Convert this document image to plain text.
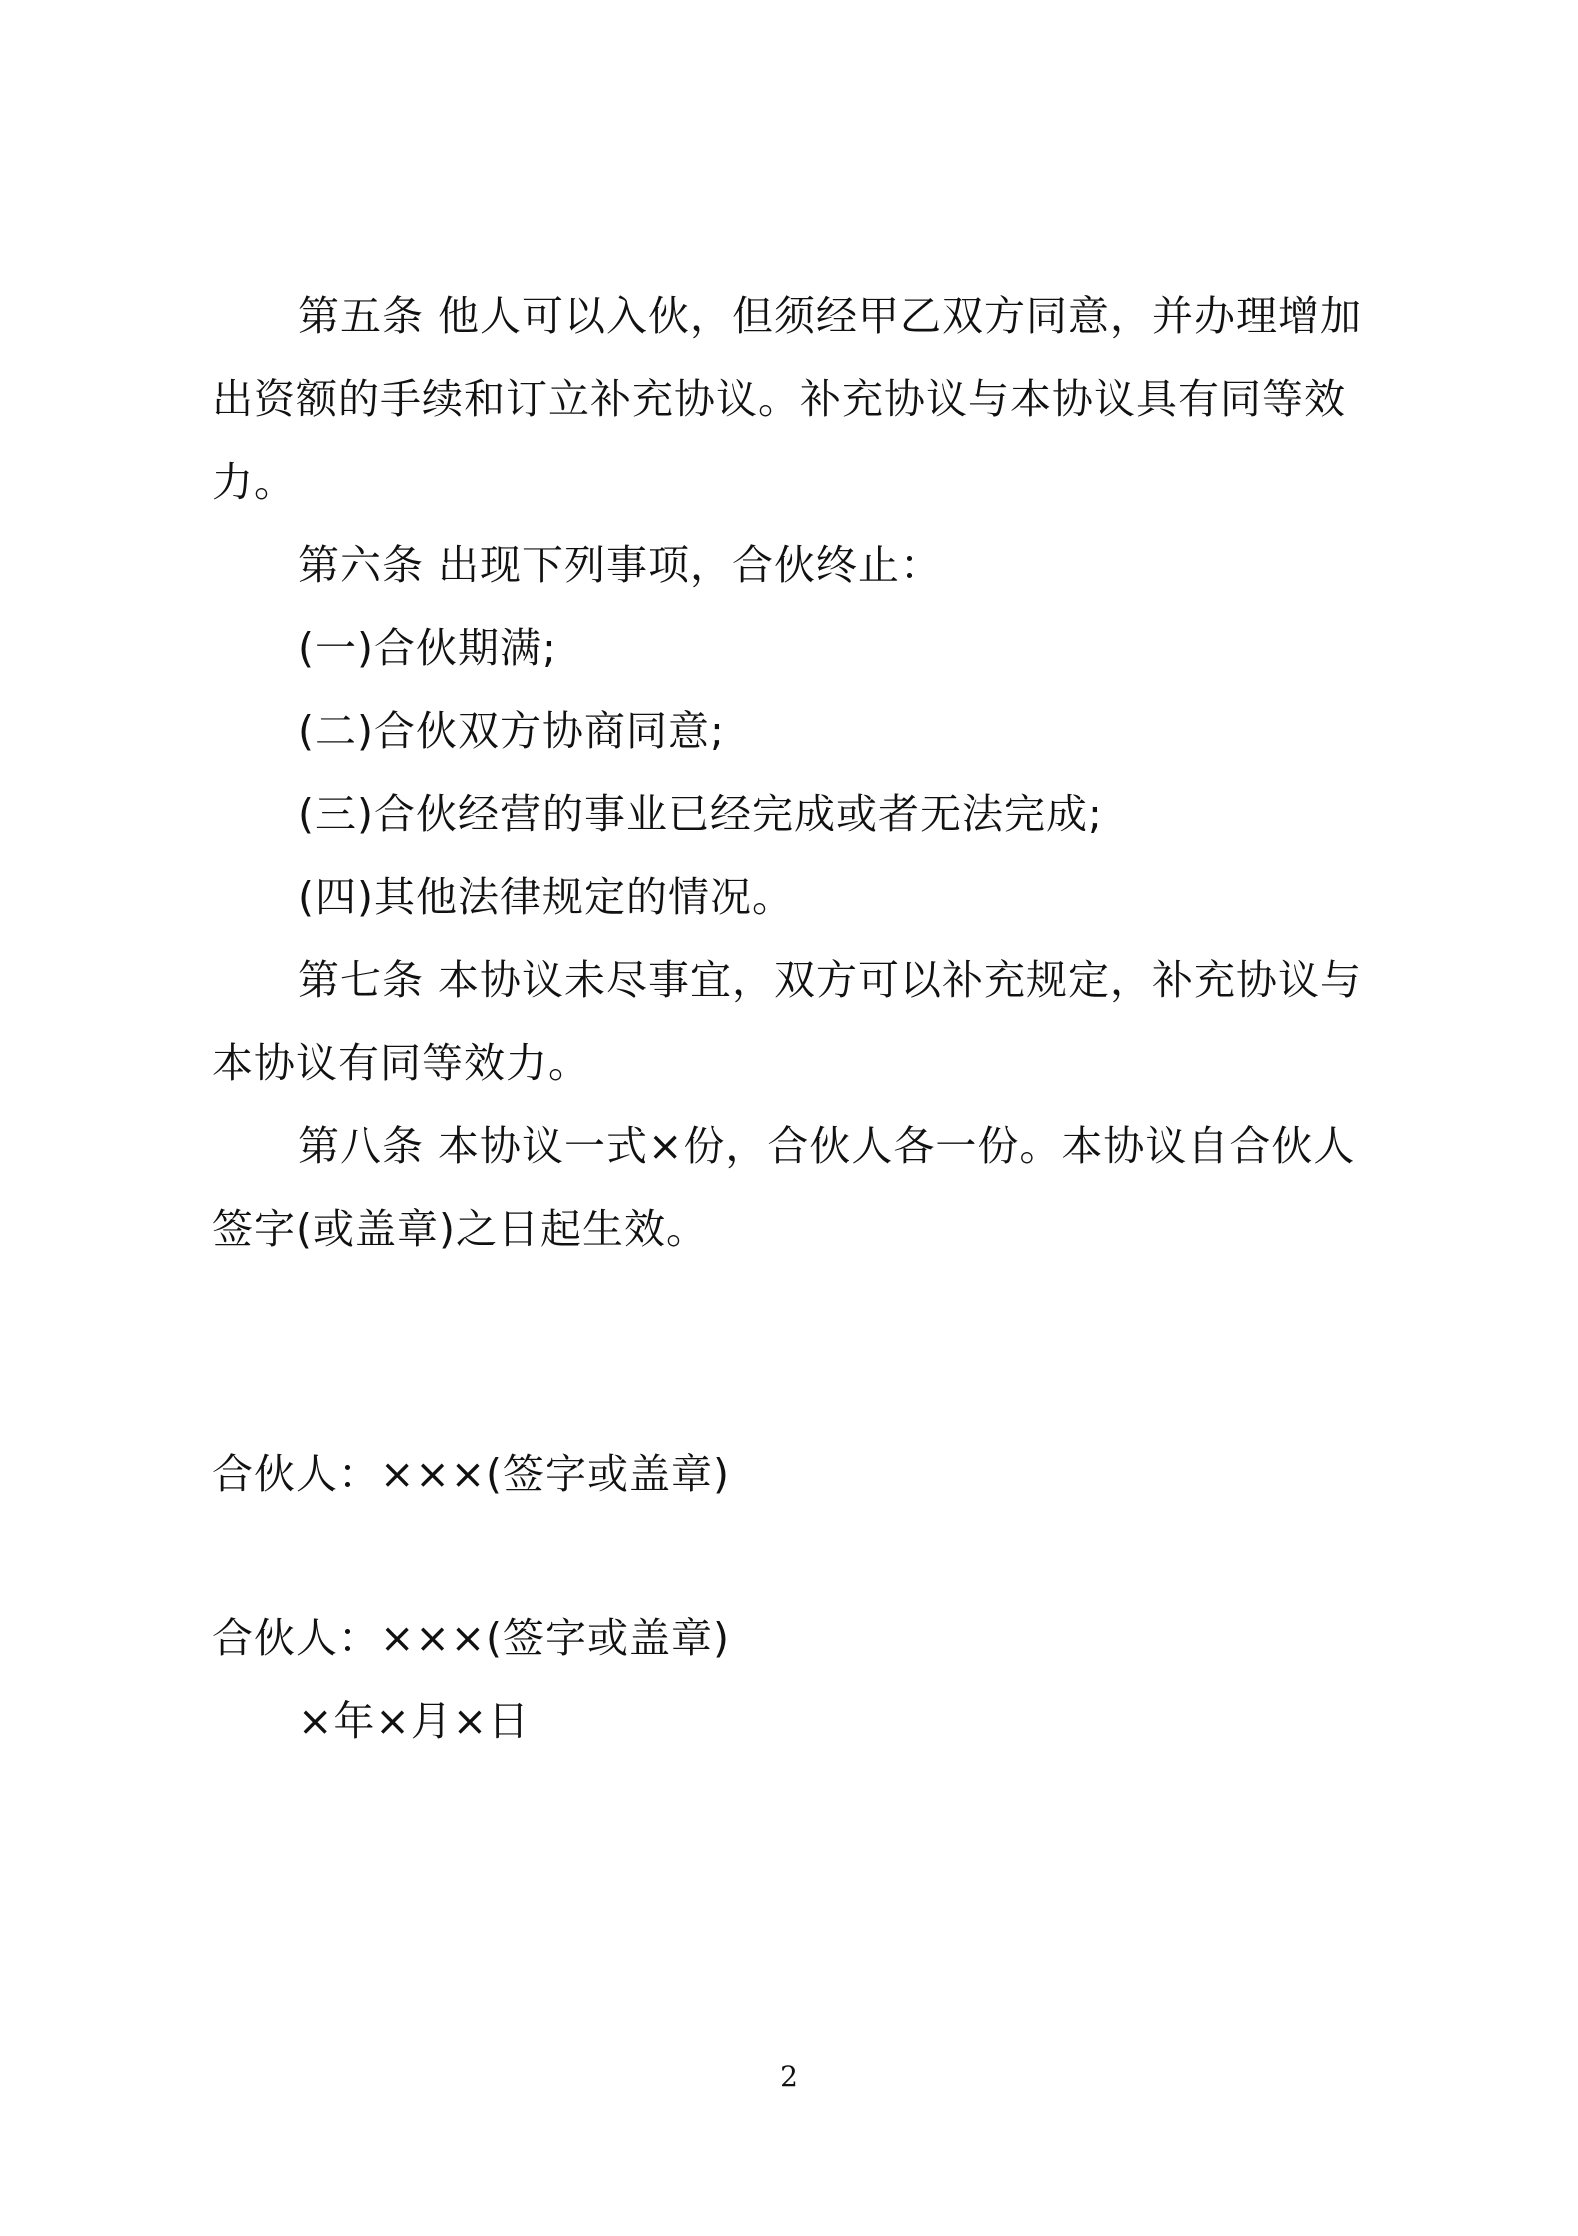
第五条 他人可以入伙，但须经甲乙双方同意，并办理增加
出资额的手续和订立补充协议。补充协议与本协议具有同等效
力。
第六条 出现下列事项，合伙终止：
(一)合伙期满;
(二)合伙双方协商同意;
(三)合伙经营的事业已经完成或者无法完成;
(四)其他法律规定的情况。
第七条 本协议未尽事宜，双方可以补充规定，补充协议与
本协议有同等效力。
第八条 本协议一式×份，合伙人各一份。本协议自合伙人
签字(或盖章)之日起生效。
合伙人：×××(签字或盖章)
合伙人：×××(签字或盖章)
×年×月×日
2
